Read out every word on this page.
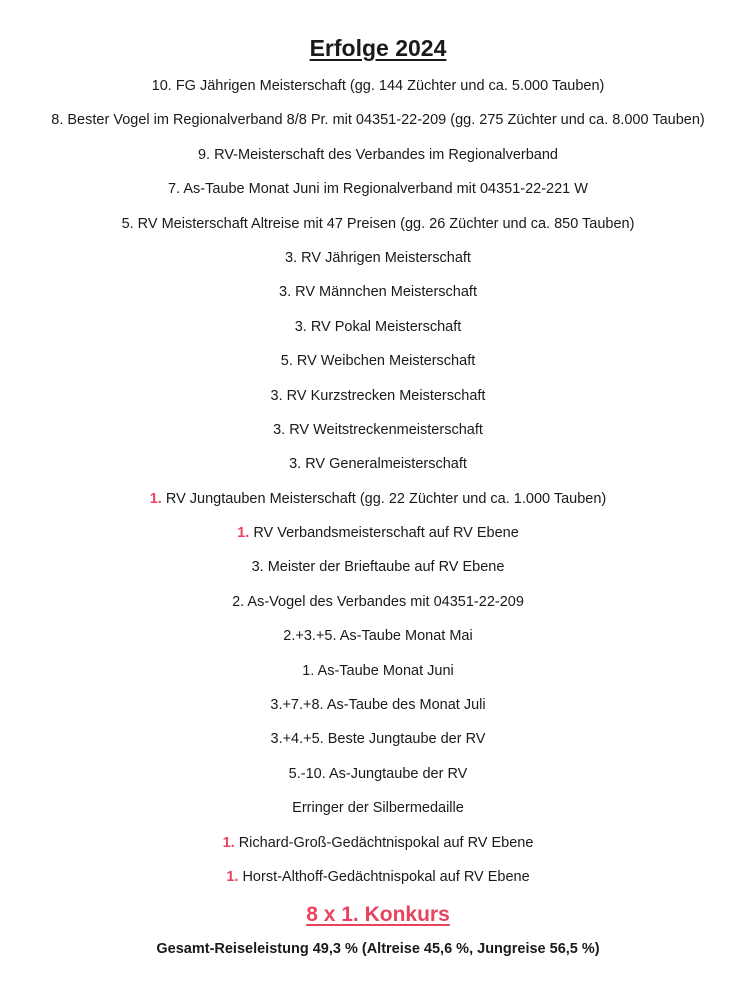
Erfolge 2024
10. FG Jährigen Meisterschaft (gg. 144 Züchter und ca. 5.000 Tauben)
8. Bester Vogel im Regionalverband 8/8 Pr. mit 04351-22-209 (gg. 275 Züchter und ca. 8.000 Tauben)
9. RV-Meisterschaft des Verbandes im Regionalverband
7. As-Taube Monat Juni im Regionalverband mit 04351-22-221 W
5. RV Meisterschaft Altreise mit 47 Preisen (gg. 26 Züchter und ca. 850 Tauben)
3. RV Jährigen Meisterschaft
3. RV Männchen Meisterschaft
3. RV Pokal Meisterschaft
5. RV Weibchen Meisterschaft
3. RV Kurzstrecken Meisterschaft
3. RV Weitstreckenmeisterschaft
3. RV Generalmeisterschaft
1. RV Jungtauben Meisterschaft (gg. 22 Züchter und ca. 1.000 Tauben)
1. RV Verbandsmeisterschaft auf RV Ebene
3. Meister der Brieftaube auf RV Ebene
2. As-Vogel des Verbandes mit 04351-22-209
2.+3.+5. As-Taube Monat Mai
1. As-Taube Monat Juni
3.+7.+8. As-Taube des Monat Juli
3.+4.+5. Beste Jungtaube der RV
5.-10. As-Jungtaube der RV
Erringer der Silbermedaille
1. Richard-Groß-Gedächtnispokal auf RV Ebene
1. Horst-Althoff-Gedächtnispokal auf RV Ebene
8 x 1. Konkurs
Gesamt-Reiseleistung 49,3 % (Altreise 45,6 %, Jungreise 56,5 %)
